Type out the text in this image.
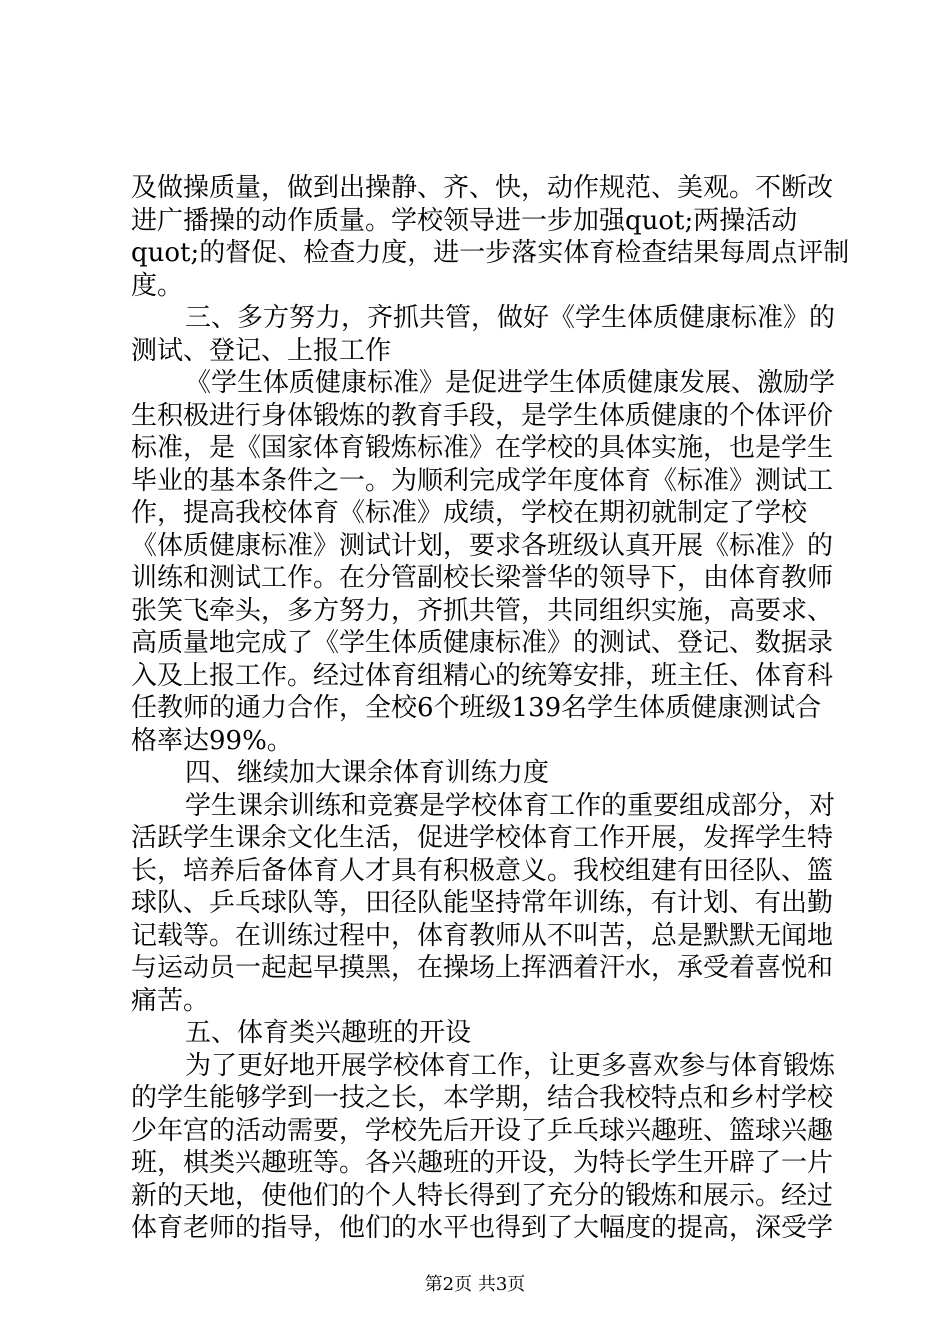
及做操质量，做到出操静、齐、快，动作规范、美观。不断改
进广播操的动作质量。学校领导进一步加强quot;两操活动
quot;的督促、检查力度，进一步落实体育检查结果每周点评制
度。
三、多方努力，齐抓共管，做好《学生体质健康标准》的
测试、登记、上报工作
《学生体质健康标准》是促进学生体质健康发展、激励学
生积极进行身体锻炼的教育手段，是学生体质健康的个体评价
标准，是《国家体育锻炼标准》在学校的具体实施，也是学生
毕业的基本条件之一。为顺利完成学年度体育《标准》测试工
作，提高我校体育《标准》成绩，学校在期初就制定了学校
《体质健康标准》测试计划，要求各班级认真开展《标准》的
训练和测试工作。在分管副校长梁誉华的领导下，由体育教师
张笑飞牵头，多方努力，齐抓共管，共同组织实施，高要求、
高质量地完成了《学生体质健康标准》的测试、登记、数据录
入及上报工作。经过体育组精心的统筹安排，班主任、体育科
任教师的通力合作，全校6个班级139名学生体质健康测试合
格率达99%。
四、继续加大课余体育训练力度
学生课余训练和竞赛是学校体育工作的重要组成部分，对
活跃学生课余文化生活，促进学校体育工作开展，发挥学生特
长，培养后备体育人才具有积极意义。我校组建有田径队、篮
球队、乒乓球队等，田径队能坚持常年训练，有计划、有出勤
记载等。在训练过程中，体育教师从不叫苦，总是默默无闻地
与运动员一起起早摸黑，在操场上挥洒着汗水，承受着喜悦和
痛苦。
五、体育类兴趣班的开设
为了更好地开展学校体育工作，让更多喜欢参与体育锻炼
的学生能够学到一技之长，本学期，结合我校特点和乡村学校
少年宫的活动需要，学校先后开设了乒乓球兴趣班、篮球兴趣
班，棋类兴趣班等。各兴趣班的开设，为特长学生开辟了一片
新的天地，使他们的个人特长得到了充分的锻炼和展示。经过
体育老师的指导，他们的水平也得到了大幅度的提高，深受学
第2页 共3页
